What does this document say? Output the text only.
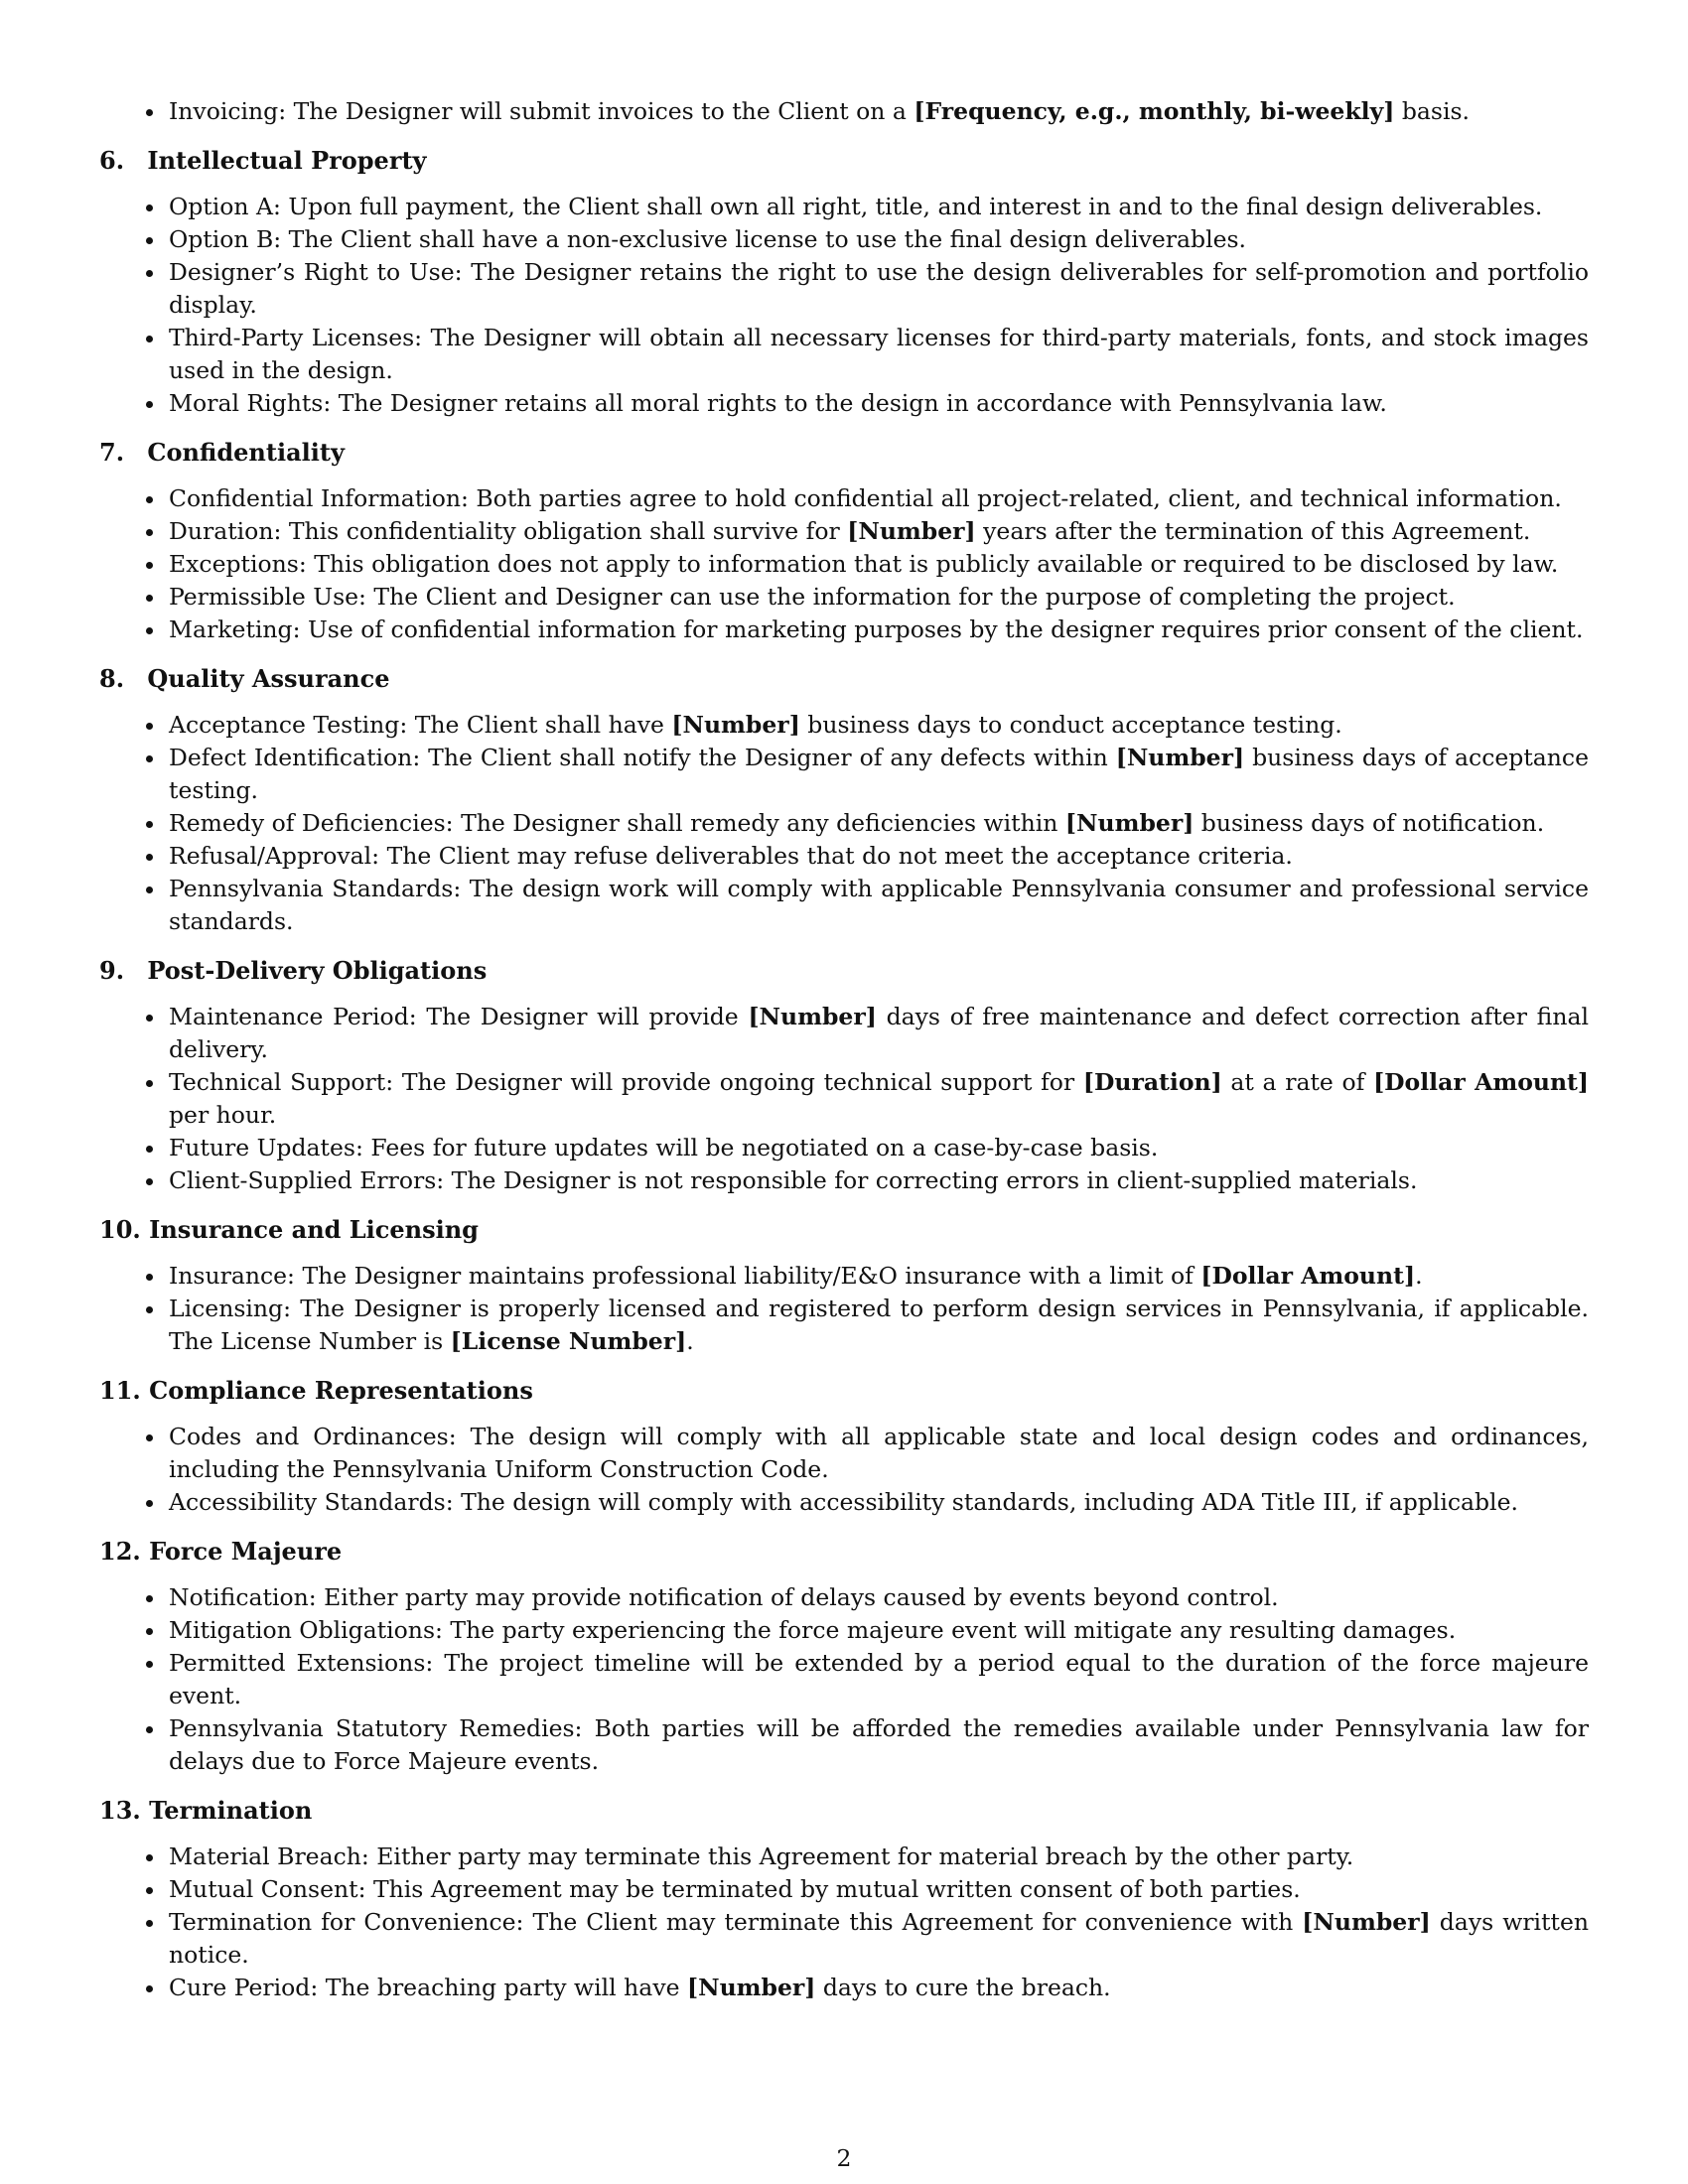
Invoicing: The Designer will submit invoices to the Client on a [Frequency, e.g., monthly, bi-weekly] basis.
6. Intellectual Property
Option A: Upon full payment, the Client shall own all right, title, and interest in and to the final design deliverables.
Option B: The Client shall have a non-exclusive license to use the final design deliverables.
Designer’s Right to Use: The Designer retains the right to use the design deliverables for self-promotion and portfolio display.
Third-Party Licenses: The Designer will obtain all necessary licenses for third-party materials, fonts, and stock images used in the design.
Moral Rights: The Designer retains all moral rights to the design in accordance with Pennsylvania law.
7. Confidentiality
Confidential Information: Both parties agree to hold confidential all project-related, client, and technical information.
Duration: This confidentiality obligation shall survive for [Number] years after the termination of this Agreement.
Exceptions: This obligation does not apply to information that is publicly available or required to be disclosed by law.
Permissible Use: The Client and Designer can use the information for the purpose of completing the project.
Marketing: Use of confidential information for marketing purposes by the designer requires prior consent of the client.
8. Quality Assurance
Acceptance Testing: The Client shall have [Number] business days to conduct acceptance testing.
Defect Identification: The Client shall notify the Designer of any defects within [Number] business days of acceptance testing.
Remedy of Deficiencies: The Designer shall remedy any deficiencies within [Number] business days of notification.
Refusal/Approval: The Client may refuse deliverables that do not meet the acceptance criteria.
Pennsylvania Standards: The design work will comply with applicable Pennsylvania consumer and professional service standards.
9. Post-Delivery Obligations
Maintenance Period: The Designer will provide [Number] days of free maintenance and defect correction after final delivery.
Technical Support: The Designer will provide ongoing technical support for [Duration] at a rate of [Dollar Amount] per hour.
Future Updates: Fees for future updates will be negotiated on a case-by-case basis.
Client-Supplied Errors: The Designer is not responsible for correcting errors in client-supplied materials.
10. Insurance and Licensing
Insurance: The Designer maintains professional liability/E&O insurance with a limit of [Dollar Amount].
Licensing: The Designer is properly licensed and registered to perform design services in Pennsylvania, if applicable. The License Number is [License Number].
11. Compliance Representations
Codes and Ordinances: The design will comply with all applicable state and local design codes and ordinances, including the Pennsylvania Uniform Construction Code.
Accessibility Standards: The design will comply with accessibility standards, including ADA Title III, if applicable.
12. Force Majeure
Notification: Either party may provide notification of delays caused by events beyond control.
Mitigation Obligations: The party experiencing the force majeure event will mitigate any resulting damages.
Permitted Extensions: The project timeline will be extended by a period equal to the duration of the force majeure event.
Pennsylvania Statutory Remedies: Both parties will be afforded the remedies available under Pennsylvania law for delays due to Force Majeure events.
13. Termination
Material Breach: Either party may terminate this Agreement for material breach by the other party.
Mutual Consent: This Agreement may be terminated by mutual written consent of both parties.
Termination for Convenience: The Client may terminate this Agreement for convenience with [Number] days written notice.
Cure Period: The breaching party will have [Number] days to cure the breach.
2
